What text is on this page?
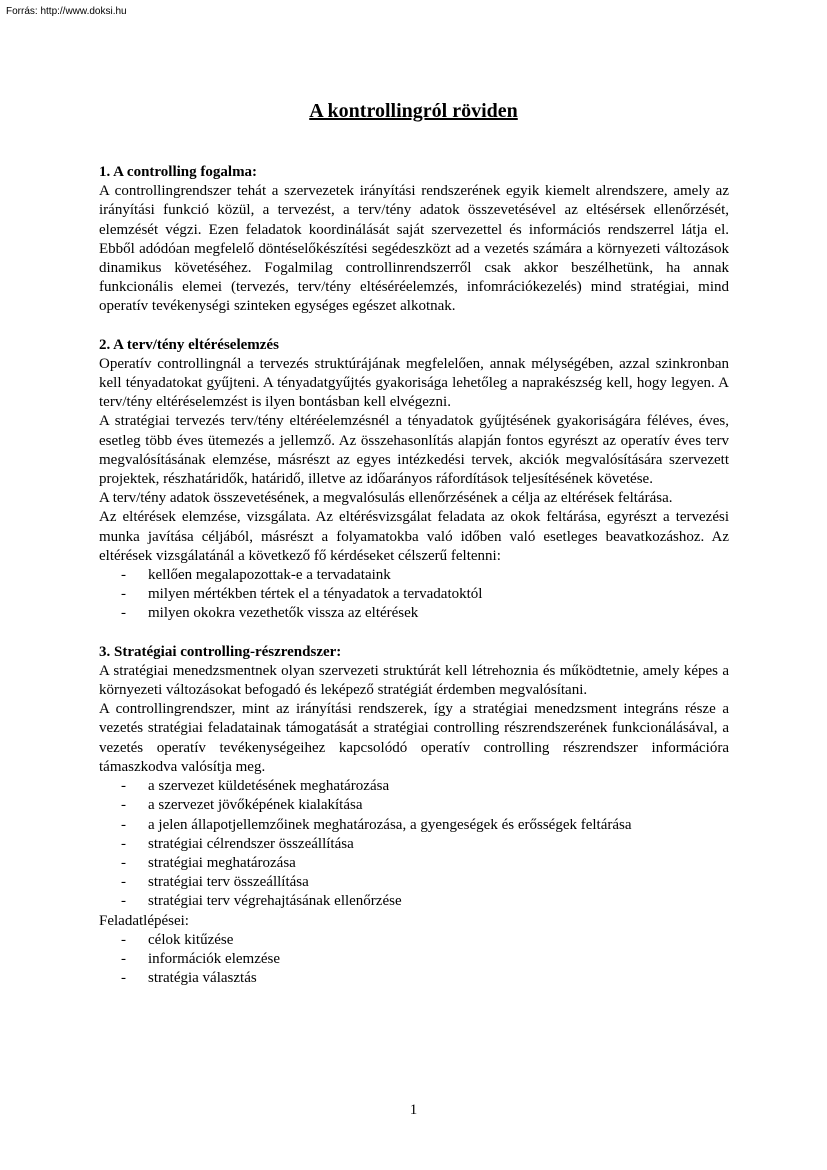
Forrás: http://www.doksi.hu
A kontrollingról röviden

1. A controlling fogalma:

A controllingrendszer tehát a szervezetek irányítási rendszerének egyik kiemelt alrendszere, amely az irányítási funkció közül, a tervezést, a terv/tény adatok összevetésével az eltésérsek ellenőrzését, elemzését végzi. Ezen feladatok koordinálását saját szervezettel és információs rendszerrel látja el. Ebből adódóan megfelelő döntéselőkészítési segédeszközt ad a vezetés számára a környezeti változások dinamikus követéséhez. Fogalmilag controllinrendszerről csak akkor beszélhetünk, ha annak funkcionális elemei (tervezés, terv/tény eltéséréelemzés, infomrációkezelés) mind stratégiai, mind operatív tevékenységi szinteken egységes egészet alkotnak.

2. A terv/tény eltéréselemzés

Operatív controllingnál a tervezés struktúrájának megfelelően, annak mélységében, azzal szinkronban kell tényadatokat gyűjteni. A tényadatgyűjtés gyakorisága lehetőleg a naprakészség kell, hogy legyen. A terv/tény eltéréselemzést is ilyen bontásban kell elvégezni.

A stratégiai tervezés terv/tény eltéréelemzésnél a tényadatok gyűjtésének gyakoriságára féléves, éves, esetleg több éves ütemezés a jellemző. Az összehasonlítás alapján fontos egyrészt az operatív éves terv megvalósításának elemzése, másrészt az egyes intézkedési tervek, akciók megvalósítására szervezett projektek, részhatáridők, határidő, illetve az időarányos ráfordítások teljesítésének követése.

A terv/tény adatok összevetésének, a megvalósulás ellenőrzésének a célja az eltérések feltárása.

Az eltérések elemzése, vizsgálata. Az eltérésvizsgálat feladata az okok feltárása, egyrészt a tervezési munka javítása céljából, másrészt a folyamatokba való időben való esetleges beavatkozáshoz. Az eltérések vizsgálatánál a következő fő kérdéseket célszerű feltenni:

- kellően megalapozottak-e a tervadataink
- milyen mértékben tértek el a tényadatok a tervadatoktól
- milyen okokra vezethetők vissza az eltérések

3. Stratégiai controlling-részrendszer:

A stratégiai menedzsmentnek olyan szervezeti struktúrát kell létrehoznia és működtetnie, amely képes a környezeti változásokat befogadó és leképező stratégiát érdemben megvalósítani.

A controllingrendszer, mint az irányítási rendszerek, így a stratégiai menedzsment integráns része a vezetés stratégiai feladatainak támogatását a stratégiai controlling részrendszerének funkcionálásával, a vezetés operatív tevékenységeihez kapcsolódó operatív controlling részrendszer információra támaszkodva valósítja meg.

- a szervezet küldetésének meghatározása
- a szervezet jövőképének kialakítása
- a jelen állapotjellemzőinek meghatározása, a gyengeségek és erősségek feltárása
- stratégiai célrendszer összeállítása
- stratégiai meghatározása
- stratégiai terv összeállítása
- stratégiai terv végrehajtásának ellenőrzése

Feladatlépései:

- célok kitűzése
- információk elemzése
- stratégia választás
1
